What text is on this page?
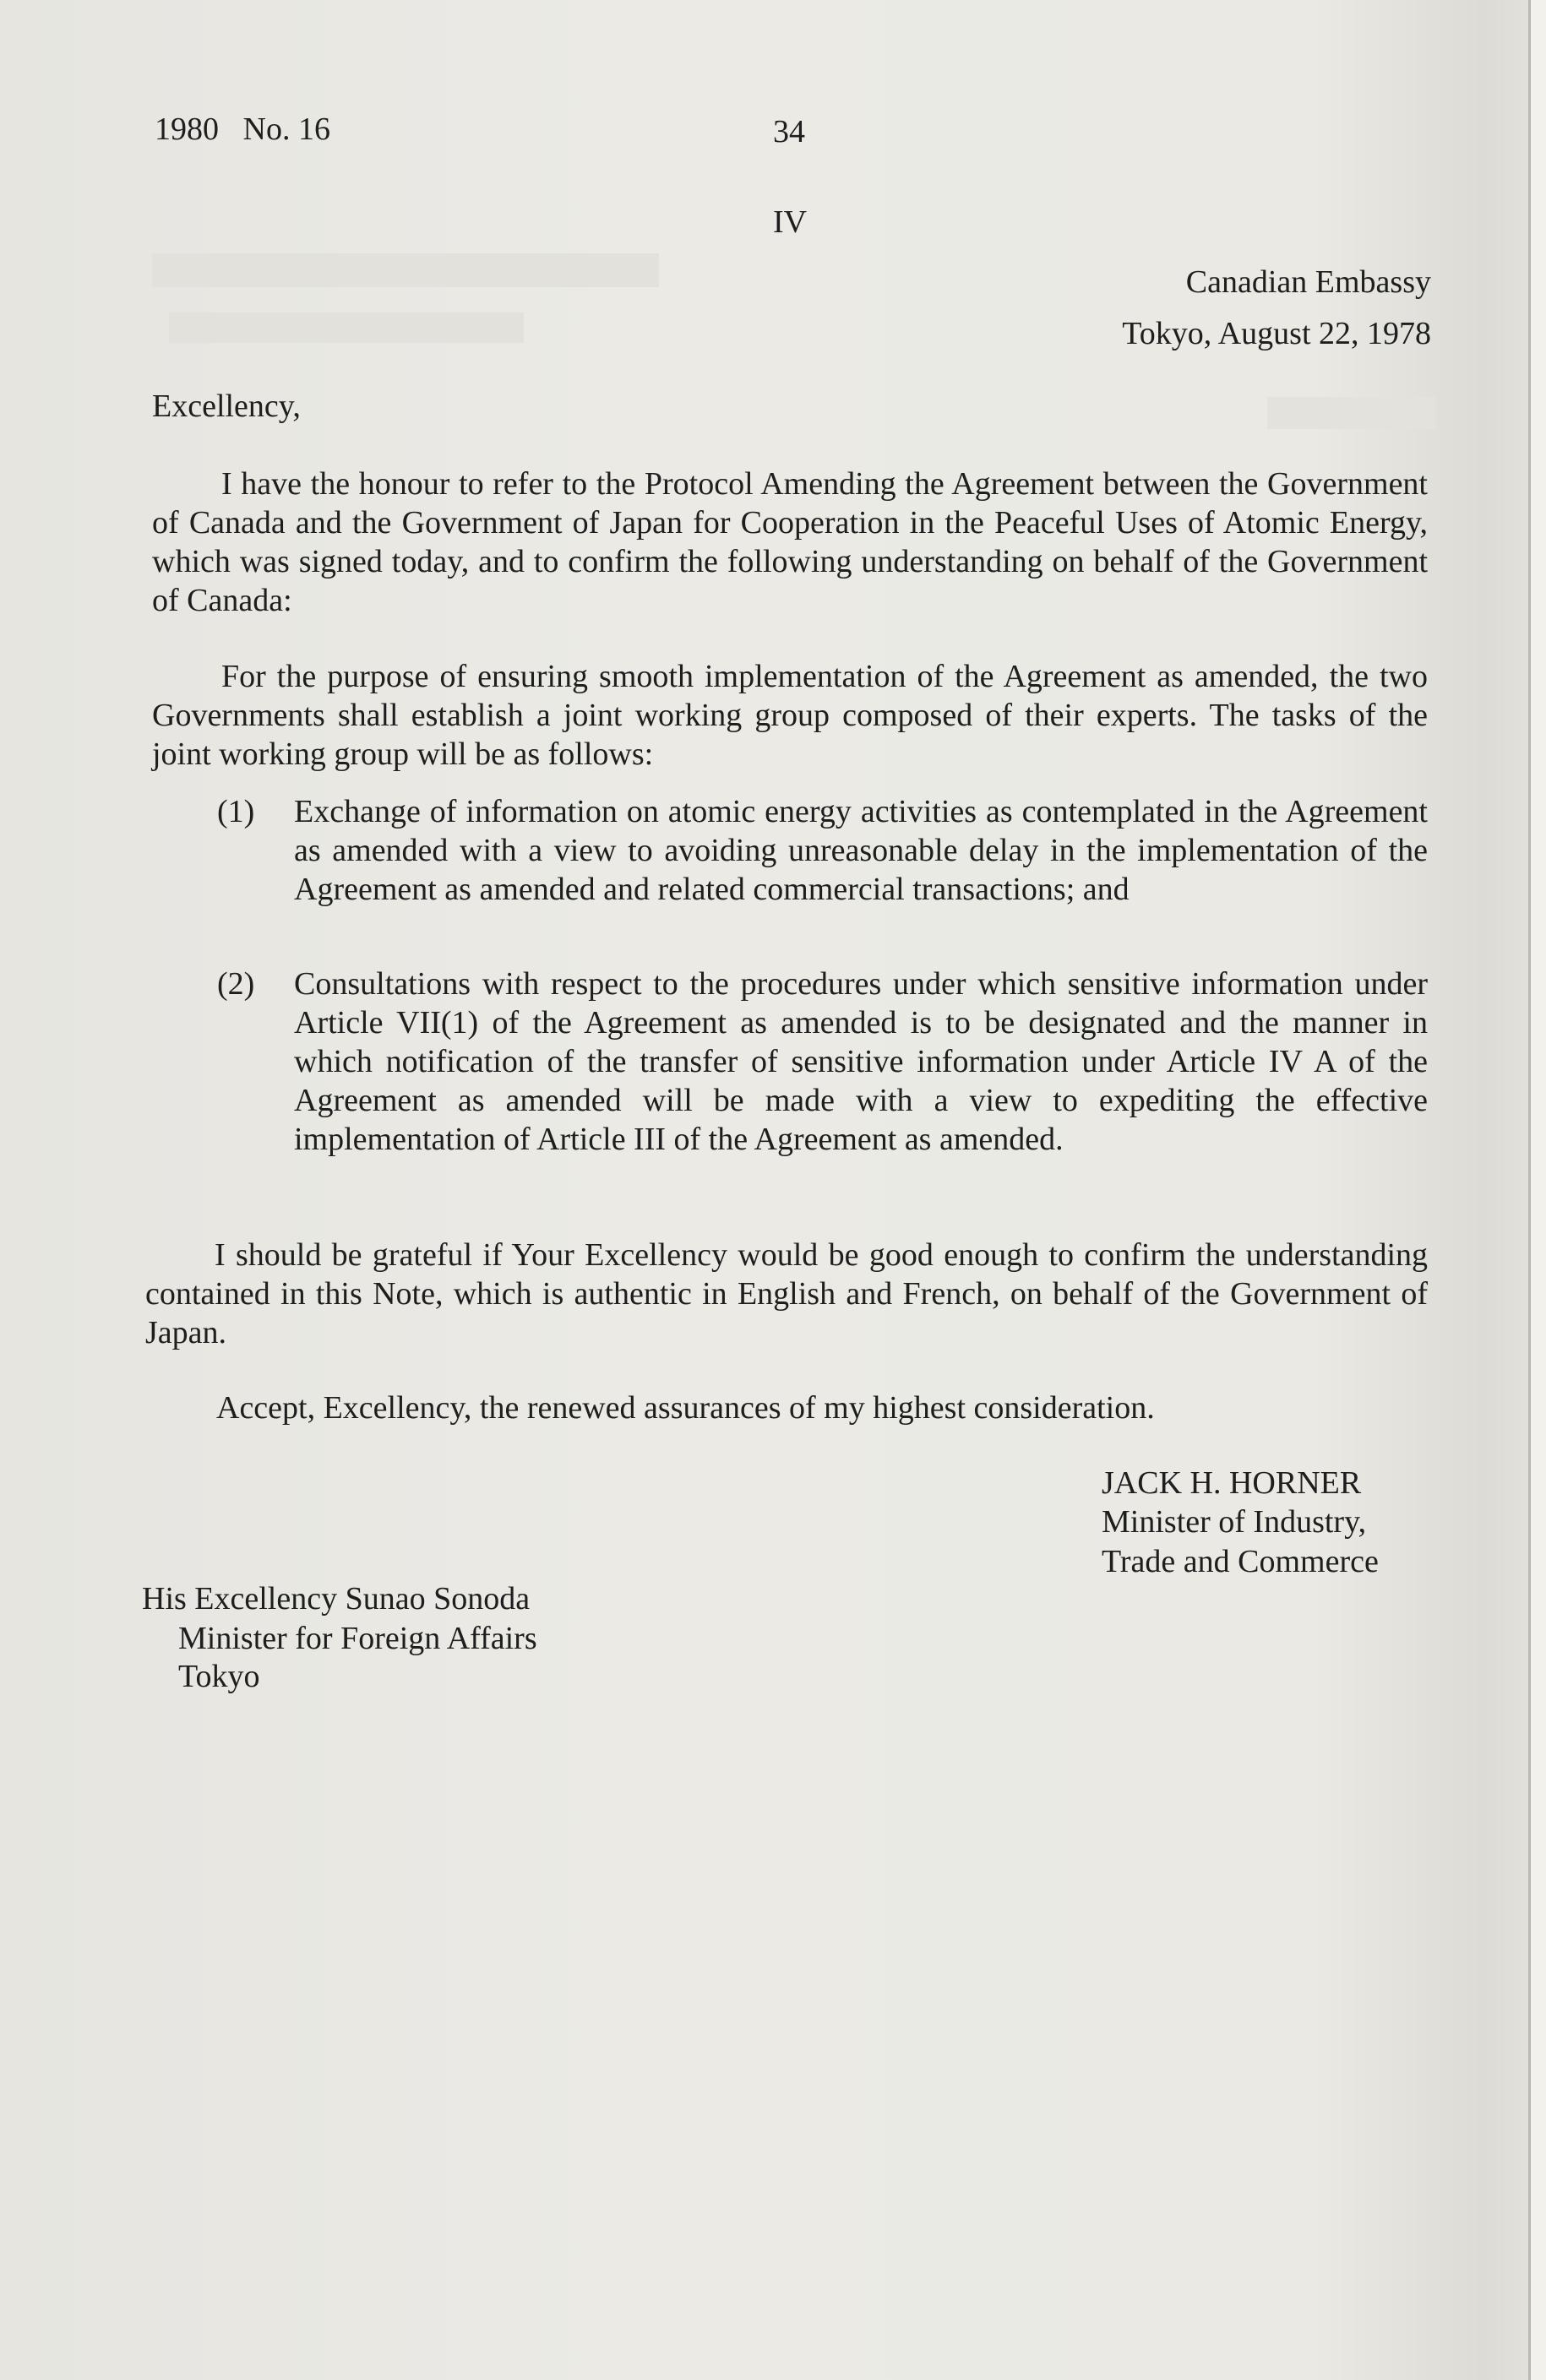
1980   No. 16	34
IV
Canadian Embassy
Tokyo, August 22, 1978
Excellency,
I have the honour to refer to the Protocol Amending the Agreement between the Government of Canada and the Government of Japan for Cooperation in the Peaceful Uses of Atomic Energy, which was signed today, and to confirm the following understanding on behalf of the Government of Canada:
For the purpose of ensuring smooth implementation of the Agreement as amended, the two Governments shall establish a joint working group composed of their experts. The tasks of the joint working group will be as follows:
(1) Exchange of information on atomic energy activities as contemplated in the Agreement as amended with a view to avoiding unreasonable delay in the implementation of the Agreement as amended and related commercial transactions; and
(2) Consultations with respect to the procedures under which sensitive information under Article VII(1) of the Agreement as amended is to be designated and the manner in which notification of the transfer of sensitive information under Article IV A of the Agreement as amended will be made with a view to expediting the effective implementation of Article III of the Agreement as amended.
I should be grateful if Your Excellency would be good enough to confirm the understanding contained in this Note, which is authentic in English and French, on behalf of the Government of Japan.
Accept, Excellency, the renewed assurances of my highest consideration.
JACK H. HORNER
Minister of Industry,
Trade and Commerce
His Excellency Sunao Sonoda
Minister for Foreign Affairs
Tokyo
